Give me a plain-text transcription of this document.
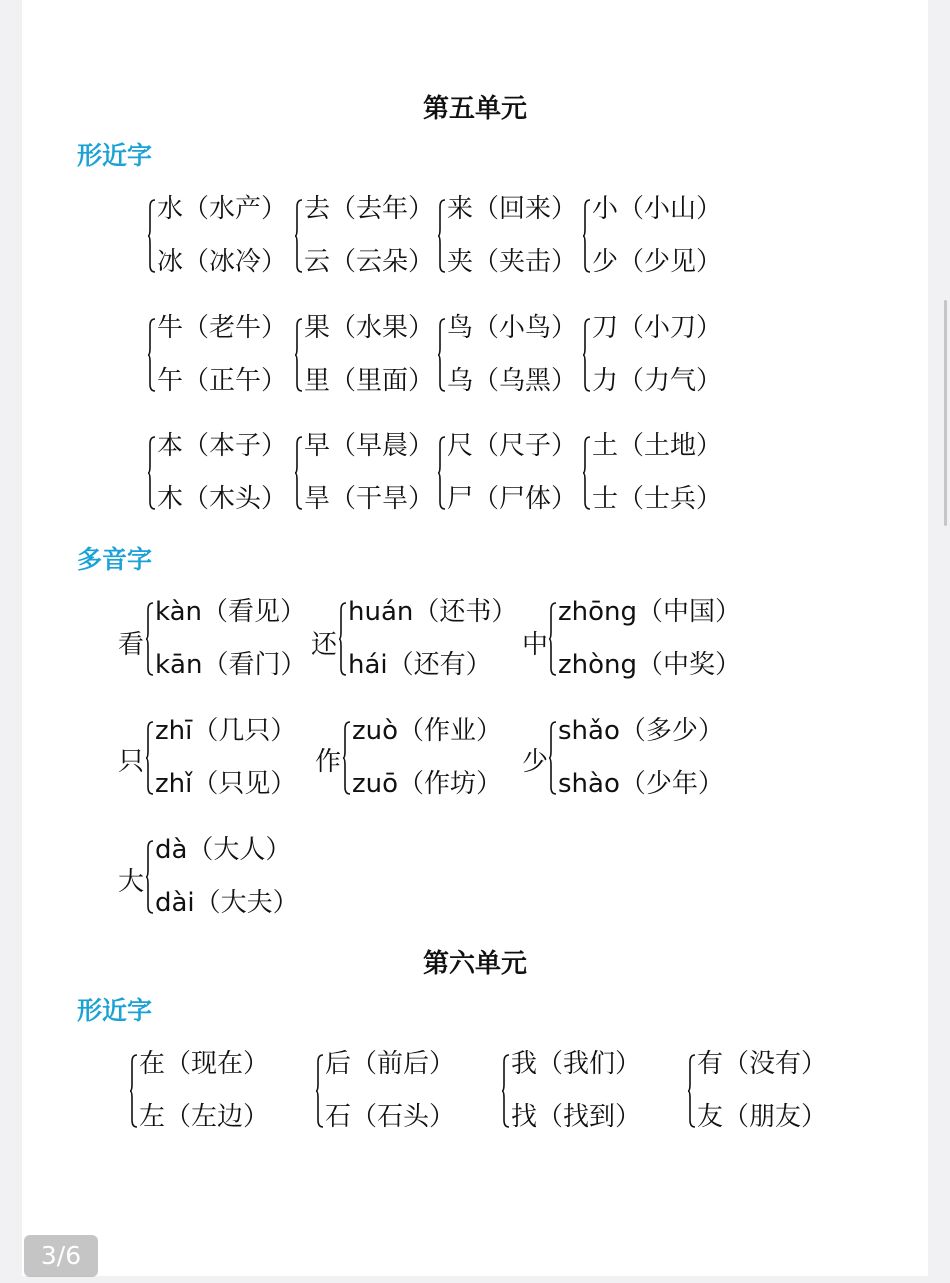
第五单元
形近字
水（水产）
冰（冰冷）
去（去年）
云（云朵）
来（回来）
夹（夹击）
小（小山）
少（少见）
牛（老牛）
午（正午）
果（水果）
里（里面）
鸟（小鸟）
乌（乌黑）
刀（小刀）
力（力气）
本（本子）
木（木头）
早（早晨）
旱（干旱）
尺（尺子）
尸（尸体）
土（土地）
士（士兵）
多音字
看
kàn（看见）
kān（看门）
还
huán（还书）
hái（还有）
中
zhōng（中国）
zhòng（中奖）
只
zhī（几只）
zhǐ（只见）
作
zuò（作业）
zuō（作坊）
少
shǎo（多少）
shào（少年）
大
dà（大人）
dài（大夫）
第六单元
形近字
在（现在）
左（左边）
后（前后）
石（石头）
我（我们）
找（找到）
有（没有）
友（朋友）
3/6
